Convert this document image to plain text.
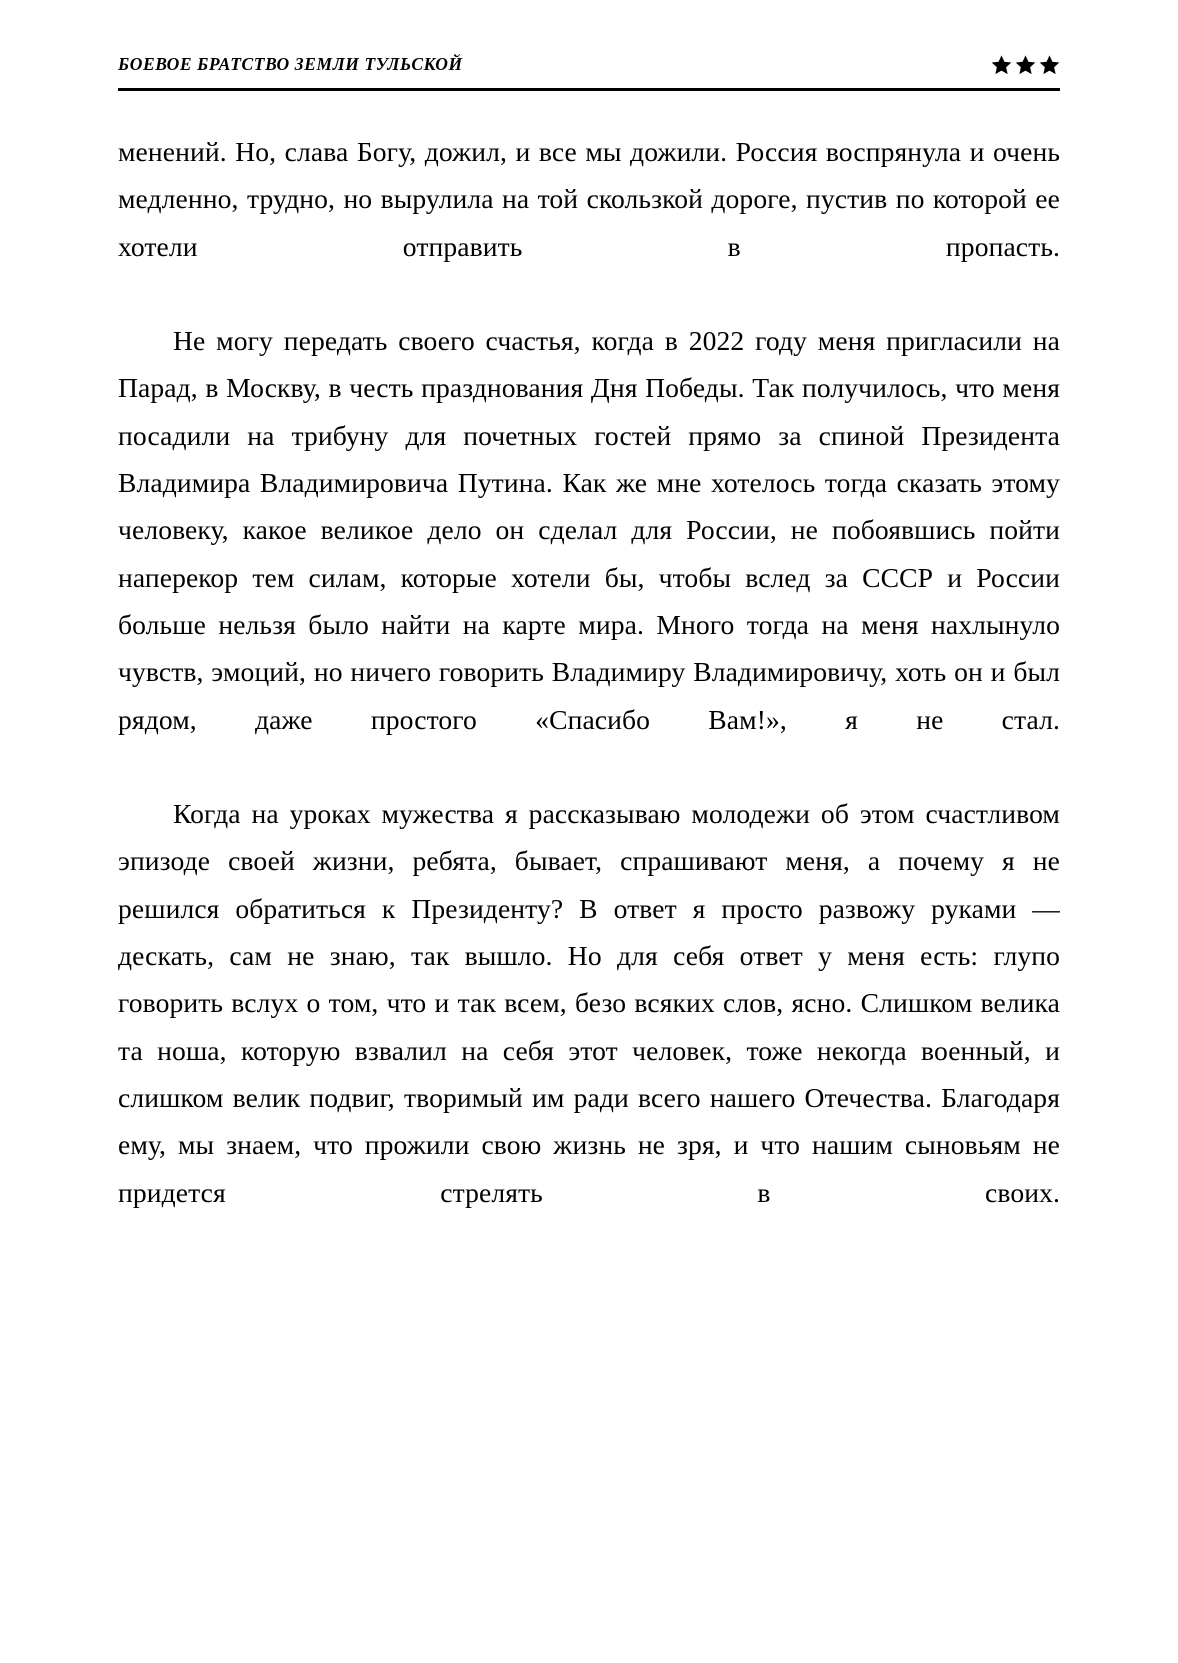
БОЕВОЕ БРАТСТВО ЗЕМЛИ ТУЛЬСКОЙ

менений. Но, слава Богу, дожил, и все мы дожили. Россия воспрянула и очень медленно, трудно, но вырулила на той скользкой дороге, пустив по которой ее хотели отправить в пропасть.

Не могу передать своего счастья, когда в 2022 году меня пригласили на Парад, в Москву, в честь празднования Дня Победы. Так получилось, что меня посадили на трибуну для почетных гостей прямо за спиной Президента Владимира Владимировича Путина. Как же мне хотелось тогда сказать этому человеку, какое великое дело он сделал для России, не побоявшись пойти наперекор тем силам, которые хотели бы, чтобы вслед за СССР и России больше нельзя было найти на карте мира. Много тогда на меня нахлынуло чувств, эмоций, но ничего говорить Владимиру Владимировичу, хоть он и был рядом, даже простого «Спасибо Вам!», я не стал.

Когда на уроках мужества я рассказываю молодежи об этом счастливом эпизоде своей жизни, ребята, бывает, спрашивают меня, а почему я не решился обратиться к Президенту? В ответ я просто развожу руками — дескать, сам не знаю, так вышло. Но для себя ответ у меня есть: глупо говорить вслух о том, что и так всем, безо всяких слов, ясно. Слишком велика та ноша, которую взвалил на себя этот человек, тоже некогда военный, и слишком велик подвиг, творимый им ради всего нашего Отечества. Благодаря ему, мы знаем, что прожили свою жизнь не зря, и что нашим сыновьям не придется стрелять в своих.
